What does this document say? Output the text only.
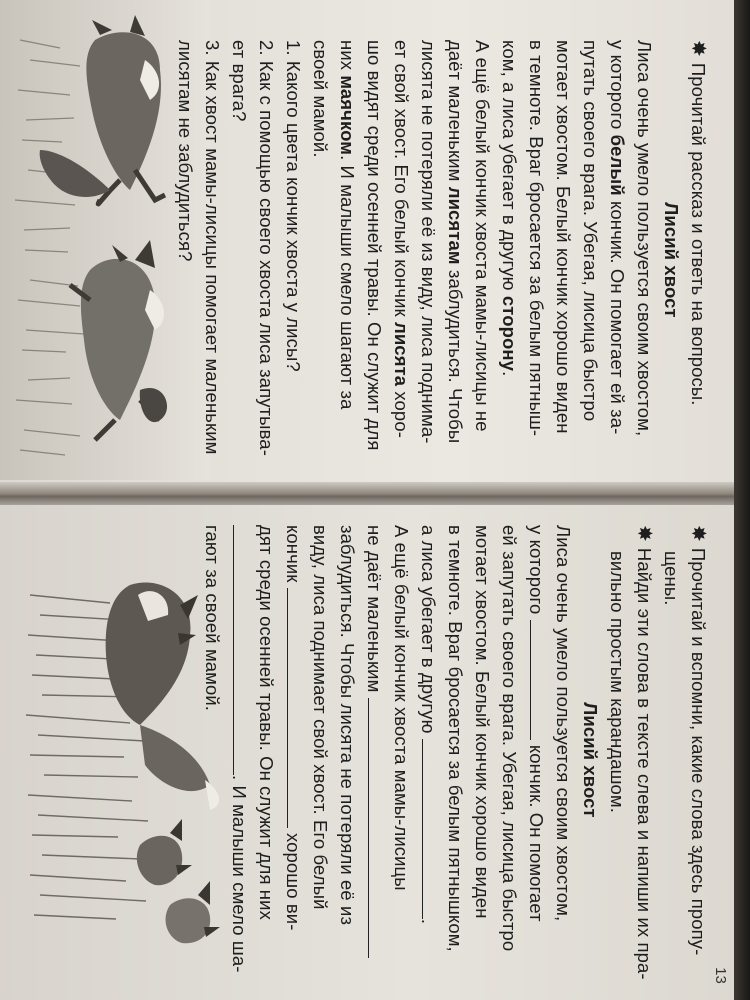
✸Прочитай рассказ и ответь на вопросы.
Лисий хвост
Лиса очень умело пользуется своим хвостом,
у которого белый кончик. Он помогает ей за-
путать своего врага. Убегая, лисица быстро
мотает хвостом. Белый кончик хорошо виден
в темноте. Враг бросается за белым пятныш-
ком, а лиса убегает в другую сторону.
А ещё белый кончик хвоста мамы-лисицы не
даёт маленьким лисятам заблудиться. Чтобы
лисята не потеряли её из виду, лиса поднима-
ет свой хвост. Его белый кончик лисята хоро-
шо видят среди осенней травы. Он служит для
них маячком. И малыши смело шагают за
своей мамой.
1. Какого цвета кончик хвоста у лисы?
2. Как с помощью своего хвоста лиса запутыва-
ет врага?
3. Как хвост мамы-лисицы помогает маленьким
лисятам не заблудиться?
✸Прочитай и вспомни, какие слова здесь пропу-
щены.
✸Найди эти слова в тексте слева и напиши их пра-
вильно простым карандашом.
Лисий хвост
Лиса очень умело пользуется своим хвостом,
у которого  кончик. Он помогает
ей запутать своего врага. Убегая, лисица быстро
мотает хвостом. Белый кончик хорошо виден
в темноте. Враг бросается за белым пятнышком,
а лиса убегает в другую .
А ещё белый кончик хвоста мамы-лисицы
не даёт маленьким
заблудиться. Чтобы лисята не потеряли её из
виду, лиса поднимает свой хвост. Его белый
кончик  хорошо ви-
дят среди осенней травы. Он служит для них
. И малыши смело ша-
гают за своей мамой.
13
